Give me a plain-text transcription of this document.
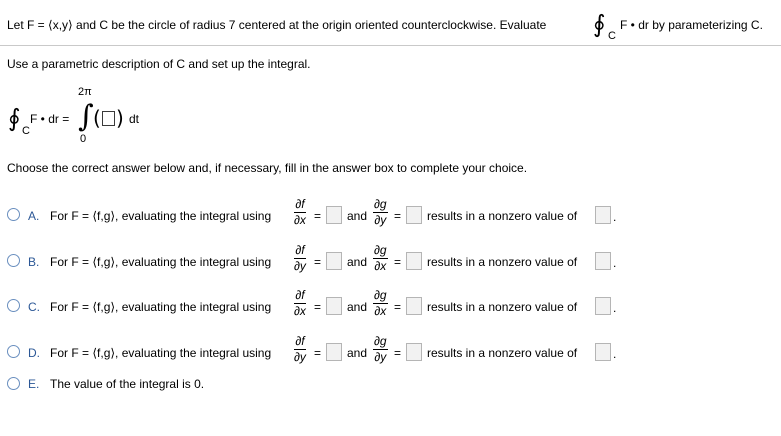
Let F = ⟨x,y⟩ and C be the circle of radius 7 centered at the origin oriented counterclockwise. Evaluate ∮ C
F • dr by parameterizing C.
Use a parametric description of C and set up the integral.
2π
∮ C
F • dr = ∫ ( ) dt
0
Choose the correct answer below and, if necessary, fill in the answer box to complete your choice.
A. For F = ⟨f,g⟩, evaluating the integral using $\frac{\partial f}{\partial x}$ = and $\frac{\partial g}{\partial y}$ = results in a nonzero value of	.
B. For F = ⟨f,g⟩, evaluating the integral using $\frac{\partial f}{\partial y}$ = and $\frac{\partial g}{\partial x}$ = results in a nonzero value of	.
C. For F = ⟨f,g⟩, evaluating the integral using $\frac{\partial f}{\partial x}$ = and $\frac{\partial g}{\partial x}$ = results in a nonzero value of	.
D. For F = ⟨f,g⟩, evaluating the integral using $\frac{\partial f}{\partial y}$ = and $\frac{\partial g}{\partial y}$ = results in a nonzero value of	.
E. The value of the integral is 0.
